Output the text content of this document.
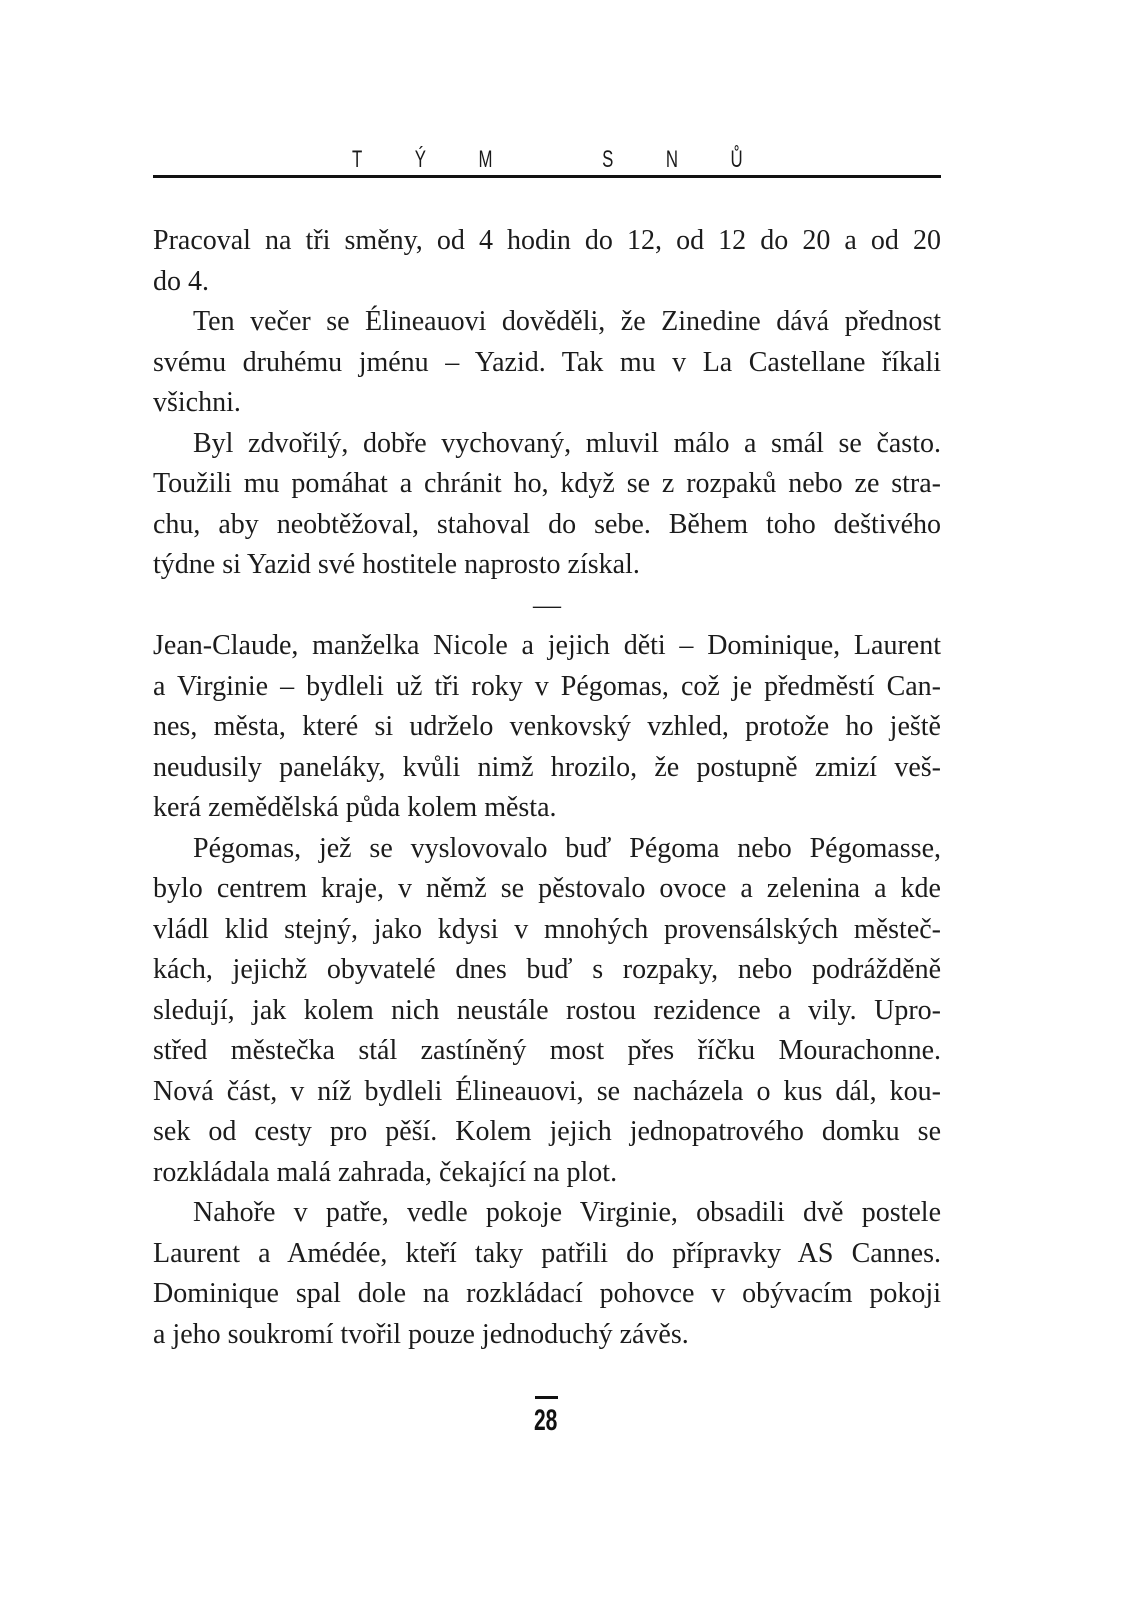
TÝM SNŮ
Pracoval na tři směny, od 4 hodin do 12, od 12 do 20 a od 20
do 4.
Ten večer se Élineauovi dověděli, že Zinedine dává přednost
svému druhému jménu – Yazid. Tak mu v La Castellane říkali
všichni.
Byl zdvořilý, dobře vychovaný, mluvil málo a smál se často.
Toužili mu pomáhat a chránit ho, když se z rozpaků nebo ze stra-
chu, aby neobtěžoval, stahoval do sebe. Během toho deštivého
týdne si Yazid své hostitele naprosto získal.
—
Jean-Claude, manželka Nicole a jejich děti – Dominique, Laurent
a Virginie – bydleli už tři roky v Pégomas, což je předměstí Can-
nes, města, které si udrželo venkovský vzhled, protože ho ještě
neudusily paneláky, kvůli nimž hrozilo, že postupně zmizí veš-
kerá zemědělská půda kolem města.
Pégomas, jež se vyslovovalo buď Pégoma nebo Pégomasse,
bylo centrem kraje, v němž se pěstovalo ovoce a zelenina a kde
vládl klid stejný, jako kdysi v mnohých provensálských městeč-
kách, jejichž obyvatelé dnes buď s rozpaky, nebo podrážděně
sledují, jak kolem nich neustále rostou rezidence a vily. Upro-
střed městečka stál zastíněný most přes říčku Mourachonne.
Nová část, v níž bydleli Élineauovi, se nacházela o kus dál, kou-
sek od cesty pro pěší. Kolem jejich jednopatrového domku se
rozkládala malá zahrada, čekající na plot.
Nahoře v patře, vedle pokoje Virginie, obsadili dvě postele
Laurent a Amédée, kteří taky patřili do přípravky AS Cannes.
Dominique spal dole na rozkládací pohovce v obývacím pokoji
a jeho soukromí tvořil pouze jednoduchý závěs.
28
